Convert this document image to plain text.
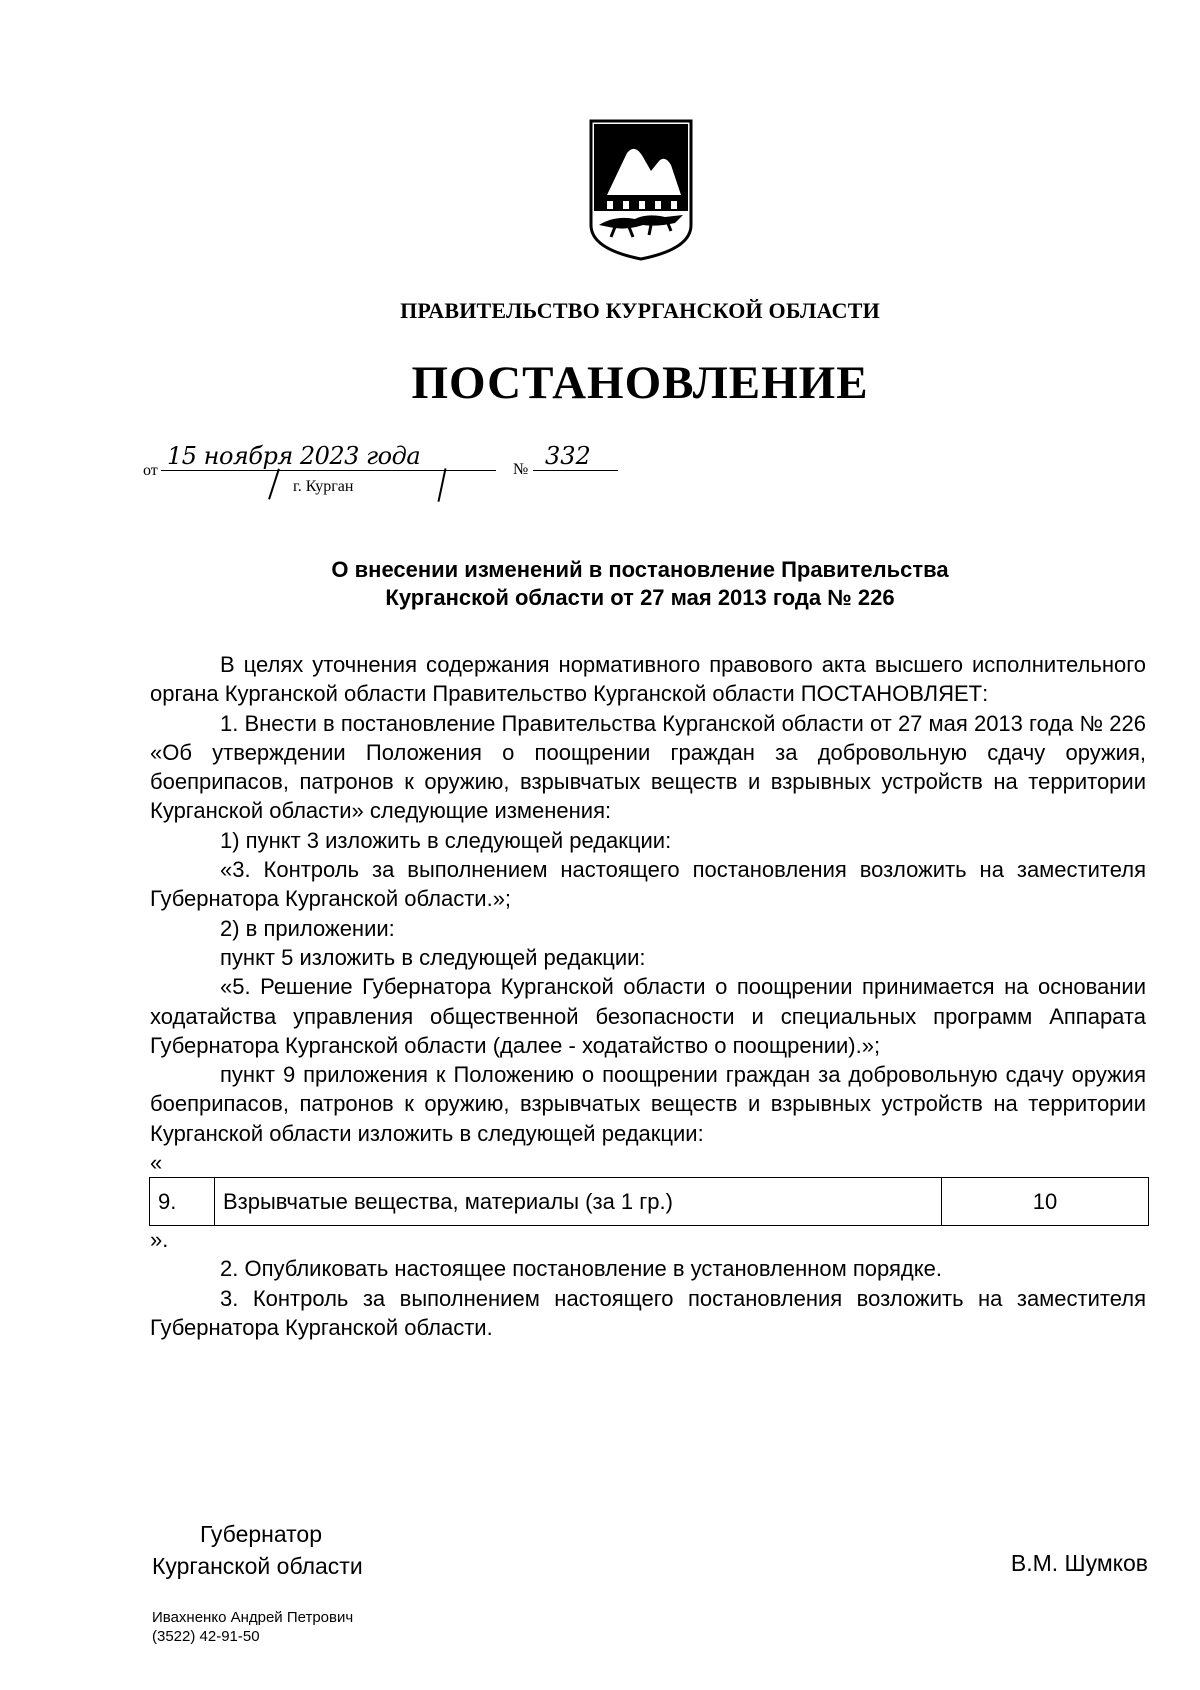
ПРАВИТЕЛЬСТВО КУРГАНСКОЙ ОБЛАСТИ
ПОСТАНОВЛЕНИЕ
от
15 ноября 2023 года	№ 332
г. Курган
О внесении изменений в постановление Правительства
Курганской области от 27 мая 2013 года № 226

В целях уточнения содержания нормативного правового акта высшего исполнительного органа Курганской области Правительство Курганской области ПОСТАНОВЛЯЕТ:

1. Внести в постановление Правительства Курганской области от 27 мая 2013 года № 226 «Об утверждении Положения о поощрении граждан за добровольную сдачу оружия, боеприпасов, патронов к оружию, взрывчатых веществ и взрывных устройств на территории Курганской области» следующие изменения:

1) пункт 3 изложить в следующей редакции:

«3. Контроль за выполнением настоящего постановления возложить на заместителя Губернатора Курганской области.»;

2) в приложении:

пункт 5 изложить в следующей редакции:

«5. Решение Губернатора Курганской области о поощрении принимается на основании ходатайства управления общественной безопасности и специальных программ Аппарата Губернатора Курганской области (далее - ходатайство о поощрении).»;

пункт 9 приложения к Положению о поощрении граждан за добровольную сдачу оружия боеприпасов, патронов к оружию, взрывчатых веществ и взрывных устройств на территории Курганской области изложить в следующей редакции:

«

9.	Взрывчатые вещества, материалы (за 1 гр.)	10

».

2. Опубликовать настоящее постановление в установленном порядке.

3. Контроль за выполнением настоящего постановления возложить на заместителя Губернатора Курганской области.

Губернатор
Курганской области	В.М. Шумков
Ивахненко Андрей Петрович
(3522) 42-91-50
